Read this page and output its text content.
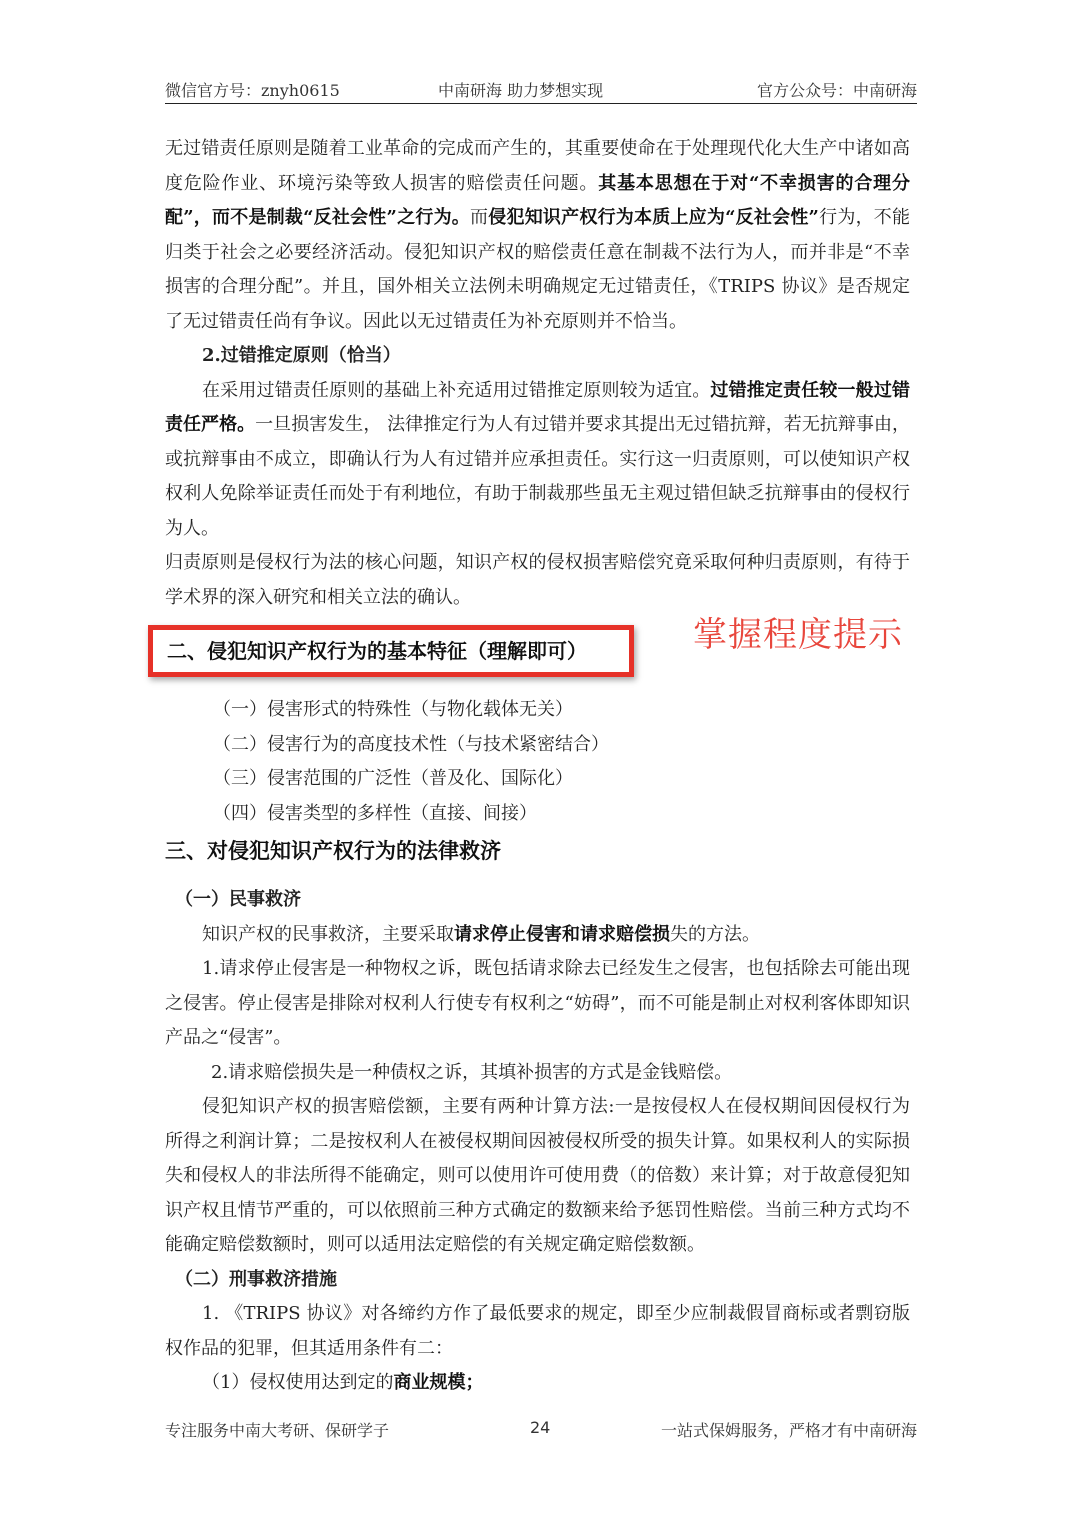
微信官方号：znyh0615	中南研海 助力梦想实现	官方公众号：中南研海

无过错责任原则是随着工业革命的完成而产生的，其重要使命在于处理现代化大生产中诸如高度危险作业、环境污染等致人损害的赔偿责任问题。其基本思想在于对“不幸损害的合理分配”，而不是制裁“反社会性”之行为。而侵犯知识产权行为本质上应为“反社会性”行为，不能归类于社会之必要经济活动。侵犯知识产权的赔偿责任意在制裁不法行为人，而并非是“不幸损害的合理分配”。并且，国外相关立法例未明确规定无过错责任，《TRIPS 协议》是否规定了无过错责任尚有争议。因此以无过错责任为补充原则并不恰当。

2.过错推定原则（恰当）

在采用过错责任原则的基础上补充适用过错推定原则较为适宜。过错推定责任较一般过错责任严格。一旦损害发生， 法律推定行为人有过错并要求其提出无过错抗辩，若无抗辩事由，或抗辩事由不成立，即确认行为人有过错并应承担责任。实行这一归责原则，可以使知识产权权利人免除举证责任而处于有利地位，有助于制裁那些虽无主观过错但缺乏抗辩事由的侵权行为人。

归责原则是侵权行为法的核心问题，知识产权的侵权损害赔偿究竟采取何种归责原则，有待于学术界的深入研究和相关立法的确认。

二、侵犯知识产权行为的基本特征（理解即可）	掌握程度提示

（一）侵害形式的特殊性（与物化载体无关）

（二）侵害行为的高度技术性（与技术紧密结合）

（三）侵害范围的广泛性（普及化、国际化）

（四）侵害类型的多样性（直接、间接）

三、对侵犯知识产权行为的法律救济

（一）民事救济

知识产权的民事救济，主要采取请求停止侵害和请求赔偿损失的方法。

1.请求停止侵害是一种物权之诉，既包括请求除去已经发生之侵害，也包括除去可能出现之侵害。停止侵害是排除对权利人行使专有权利之“妨碍”，而不可能是制止对权利客体即知识产品之“侵害”。

2.请求赔偿损失是一种债权之诉，其填补损害的方式是金钱赔偿。

侵犯知识产权的损害赔偿额，主要有两种计算方法:一是按侵权人在侵权期间因侵权行为所得之利润计算；二是按权利人在被侵权期间因被侵权所受的损失计算。如果权利人的实际损失和侵权人的非法所得不能确定，则可以使用许可使用费（的倍数）来计算；对于故意侵犯知识产权且情节严重的，可以依照前三种方式确定的数额来给予惩罚性赔偿。当前三种方式均不能确定赔偿数额时，则可以适用法定赔偿的有关规定确定赔偿数额。

（二）刑事救济措施

1. 《TRIPS 协议》对各缔约方作了最低要求的规定，即至少应制裁假冒商标或者剽窃版权作品的犯罪，但其适用条件有二：

（1）侵权使用达到定的商业规模；

专注服务中南大考研、保研学子	24	一站式保姆服务，严格才有中南研海
